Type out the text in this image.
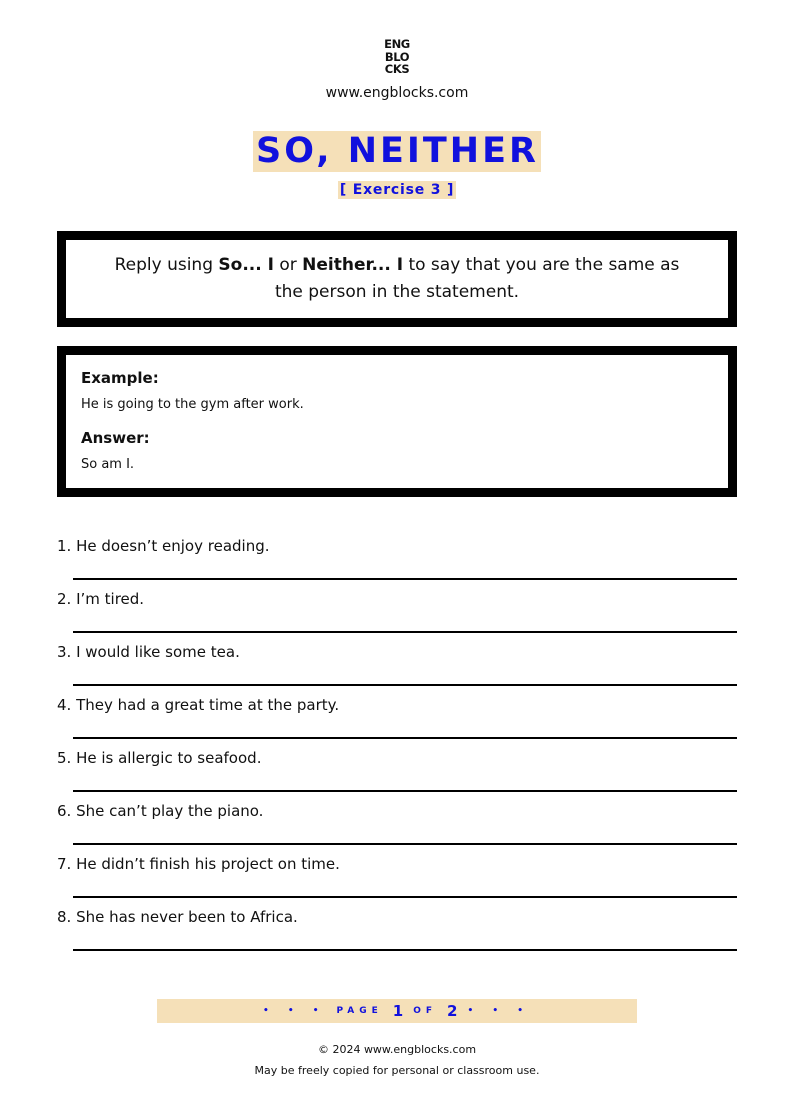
ENG
BLO
CKS
www.engblocks.com
SO, NEITHER
[ Exercise 3 ]

Reply using So... I or Neither... I to say that you are the same as the person in the statement.

Example:
He is going to the gym after work.
Answer:
So am I.
1. He doesn’t enjoy reading.
2. I’m tired.
3. I would like some tea.
4. They had a great time at the party.
5. He is allergic to seafood.
6. She can’t play the piano.
7. He didn’t finish his project on time.
8. She has never been to Africa.
• • • PAGE 1 OF 2 • • •
© 2024 www.engblocks.com
May be freely copied for personal or classroom use.
